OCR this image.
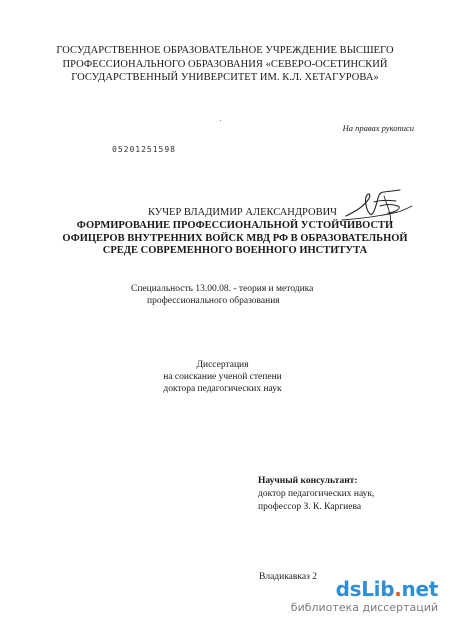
ГОСУДАРСТВЕННОЕ ОБРАЗОВАТЕЛЬНОЕ УЧРЕЖДЕНИЕ ВЫСШЕГО
ПРОФЕССИОНАЛЬНОГО ОБРАЗОВАНИЯ «СЕВЕРО-ОСЕТИНСКИЙ
ГОСУДАРСТВЕННЫЙ УНИВЕРСИТЕТ ИМ. К.Л. ХЕТАГУРОВА»
На правах рукописи
05201251598
КУЧЕР ВЛАДИМИР АЛЕКСАНДРОВИЧ
ФОРМИРОВАНИЕ ПРОФЕССИОНАЛЬНОЙ УСТОЙЧИВОСТИ
ОФИЦЕРОВ ВНУТРЕННИХ ВОЙСК МВД РФ В ОБРАЗОВАТЕЛЬНОЙ
СРЕДЕ СОВРЕМЕННОГО ВОЕННОГО ИНСТИТУТА
Специальность 13.00.08. - теория и методика
профессионального образования
Диссертация
на соискание ученой степени
доктора педагогических наук
Научный консультант:
доктор педагогических наук,
профессор З. К. Каргиева
Владикавказ 2 dsLib.net
библиотека диссертаций
